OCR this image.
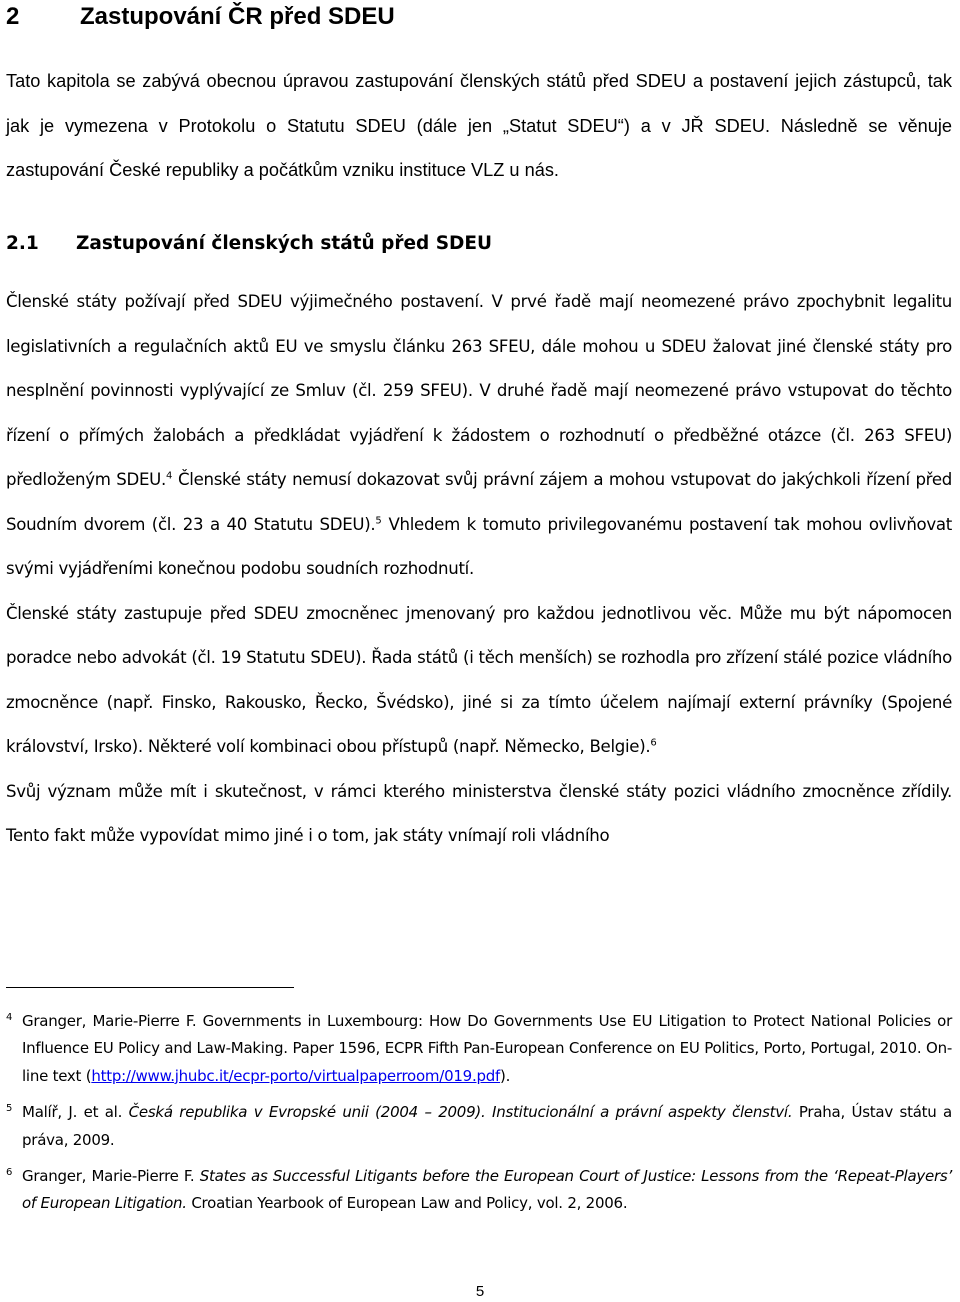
2	Zastupování ČR před SDEU

Tato kapitola se zabývá obecnou úpravou zastupování členských států před SDEU a postavení jejich zástupců, tak jak je vymezena v Protokolu o Statutu SDEU (dále jen „Statut SDEU“) a v JŘ SDEU. Následně se věnuje zastupování České republiky a počátkům vzniku instituce VLZ u nás.

2.1 Zastupování členských států před SDEU

Členské státy požívají před SDEU výjimečného postavení. V prvé řadě mají neomezené právo zpochybnit legalitu legislativních a regulačních aktů EU ve smyslu článku 263 SFEU, dále mohou u SDEU žalovat jiné členské státy pro nesplnění povinnosti vyplývající ze Smluv (čl. 259 SFEU). V druhé řadě mají neomezené právo vstupovat do těchto řízení o přímých žalobách a předkládat vyjádření k žádostem o rozhodnutí o předběžné otázce (čl. 263 SFEU) předloženým SDEU.$^4$ Členské státy nemusí dokazovat svůj právní zájem a mohou vstupovat do jakýchkoli řízení před Soudním dvorem (čl. 23 a 40 Statutu SDEU).$^5$ Vhledem k tomuto privilegovanému postavení tak mohou ovlivňovat svými vyjádřeními konečnou podobu soudních rozhodnutí.

Členské státy zastupuje před SDEU zmocněnec jmenovaný pro každou jednotlivou věc. Může mu být nápomocen poradce nebo advokát (čl. 19 Statutu SDEU). Řada států (i těch menších) se rozhodla pro zřízení stálé pozice vládního zmocněnce (např. Finsko, Rakousko, Řecko, Švédsko), jiné si za tímto účelem najímají externí právníky (Spojené království, Irsko). Některé volí kombinaci obou přístupů (např. Německo, Belgie).$^6$

Svůj význam může mít i skutečnost, v rámci kterého ministerstva členské státy pozici vládního zmocněnce zřídily. Tento fakt může vypovídat mimo jiné i o tom, jak státy vnímají roli vládního

4 Granger, Marie-Pierre F. Governments in Luxembourg: How Do Governments Use EU Litigation to Protect National Policies or Influence EU Policy and Law-Making. Paper 1596, ECPR Fifth Pan-European Conference on EU Politics, Porto, Portugal, 2010. On-line text (http://www.jhubc.it/ecpr-porto/virtualpaperroom/019.pdf).

5 Malíř, J. et al. Česká republika v Evropské unii (2004 – 2009). Institucionální a právní aspekty členství. Praha, Ústav státu a práva, 2009.

6 Granger, Marie-Pierre F. States as Successful Litigants before the European Court of Justice: Lessons from the ‘Repeat-Players’ of European Litigation. Croatian Yearbook of European Law and Policy, vol. 2, 2006.

5
